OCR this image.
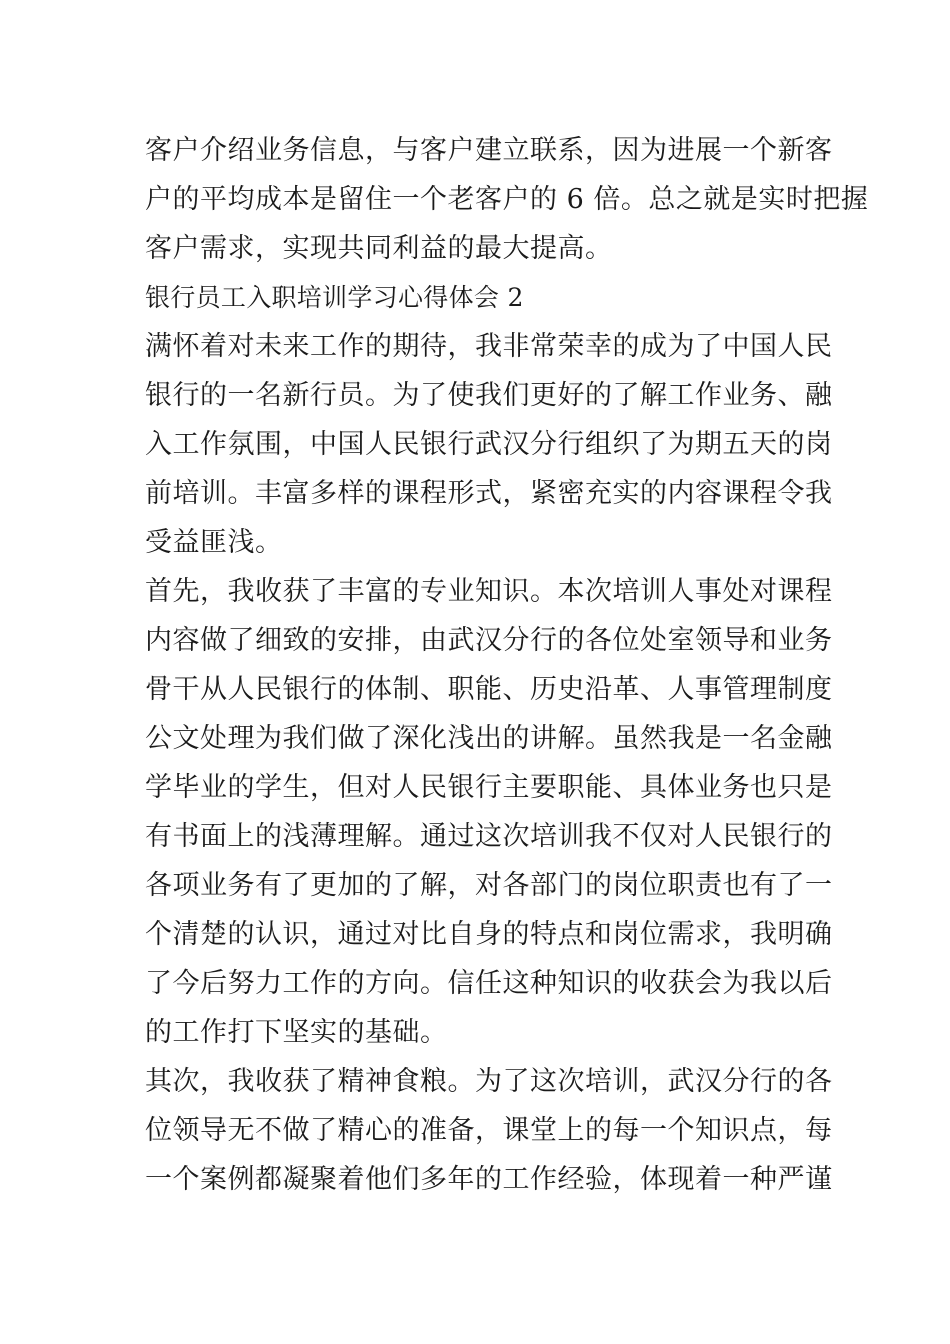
客户介绍业务信息，与客户建立联系，因为进展一个新客
户的平均成本是留住一个老客户的 6 倍。总之就是实时把握
客户需求，实现共同利益的最大提高。
银行员工入职培训学习心得体会 2
满怀着对未来工作的期待，我非常荣幸的成为了中国人民
银行的一名新行员。为了使我们更好的了解工作业务、融
入工作氛围，中国人民银行武汉分行组织了为期五天的岗
前培训。丰富多样的课程形式，紧密充实的内容课程令我
受益匪浅。
首先，我收获了丰富的专业知识。本次培训人事处对课程
内容做了细致的安排，由武汉分行的各位处室领导和业务
骨干从人民银行的体制、职能、历史沿革、人事管理制度
公文处理为我们做了深化浅出的讲解。虽然我是一名金融
学毕业的学生，但对人民银行主要职能、具体业务也只是
有书面上的浅薄理解。通过这次培训我不仅对人民银行的
各项业务有了更加的了解，对各部门的岗位职责也有了一
个清楚的认识，通过对比自身的特点和岗位需求，我明确
了今后努力工作的方向。信任这种知识的收获会为我以后
的工作打下坚实的基础。
其次，我收获了精神食粮。为了这次培训，武汉分行的各
位领导无不做了精心的准备，课堂上的每一个知识点，每
一个案例都凝聚着他们多年的工作经验，体现着一种严谨
